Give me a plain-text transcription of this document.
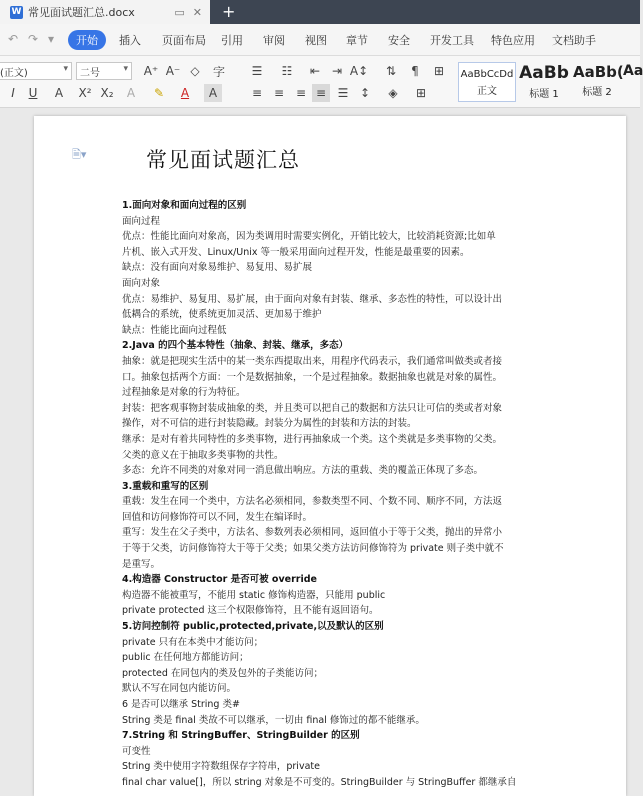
W 常见面试题汇总.docx	▭ ✕ +
↶ ↷ ▾	开始	插入 页面布局 引用 审阅 视图 章节 安全 开发工具 特色应用 文档助手
(正文)	▾ 二号	▾ A⁺ A⁻ ◇	字
I	U	A	X² X₂	A	✎	A	A
☰	☷	⇤ ⇥ A↕	⇅	¶	⊞
≡ ≡ ≡ ≡ ☰ ↕	◈	⊞
AaBbCcDd
正文
AaBb
标题 1
AaBb(
标题 2
Aa
🗎▾	常见面试题汇总
1.面向对象和面向过程的区别
面向过程
优点：性能比面向对象高，因为类调用时需要实例化，开销比较大，比较消耗资源;比如单
片机、嵌入式开发、Linux/Unix 等一般采用面向过程开发，性能是最重要的因素。
缺点：没有面向对象易维护、易复用、易扩展
面向对象
优点：易维护、易复用、易扩展，由于面向对象有封装、继承、多态性的特性，可以设计出
低耦合的系统，使系统更加灵活、更加易于维护
缺点：性能比面向过程低
2.Java 的四个基本特性（抽象、封装、继承，多态）
抽象：就是把现实生活中的某一类东西提取出来，用程序代码表示，我们通常叫做类或者接
口。抽象包括两个方面：一个是数据抽象，一个是过程抽象。数据抽象也就是对象的属性。
过程抽象是对象的行为特征。
封装：把客观事物封装成抽象的类，并且类可以把自己的数据和方法只让可信的类或者对象
操作，对不可信的进行封装隐藏。封装分为属性的封装和方法的封装。
继承：是对有着共同特性的多类事物，进行再抽象成一个类。这个类就是多类事物的父类。
父类的意义在于抽取多类事物的共性。
多态：允许不同类的对象对同一消息做出响应。方法的重载、类的覆盖正体现了多态。
3.重载和重写的区别
重载：发生在同一个类中，方法名必须相同，参数类型不同、个数不同、顺序不同，方法返
回值和访问修饰符可以不同，发生在编译时。
重写：发生在父子类中，方法名、参数列表必须相同，返回值小于等于父类，抛出的异常小
于等于父类，访问修饰符大于等于父类；如果父类方法访问修饰符为 private 则子类中就不
是重写。
4.构造器 Constructor 是否可被 override
构造器不能被重写，不能用 static 修饰构造器，只能用 public
private protected 这三个权限修饰符，且不能有返回语句。
5.访问控制符 public,protected,private,以及默认的区别
private 只有在本类中才能访问；
public 在任何地方都能访问；
protected 在同包内的类及包外的子类能访问；
默认不写在同包内能访问。
6 是否可以继承 String 类#
String 类是 final 类故不可以继承，一切由 final 修饰过的都不能继承。
7.String 和 StringBuffer、StringBuilder 的区别
可变性
String 类中使用字符数组保存字符串，private
final char value[]，所以 string 对象是不可变的。StringBuilder 与 StringBuffer 都继承自
